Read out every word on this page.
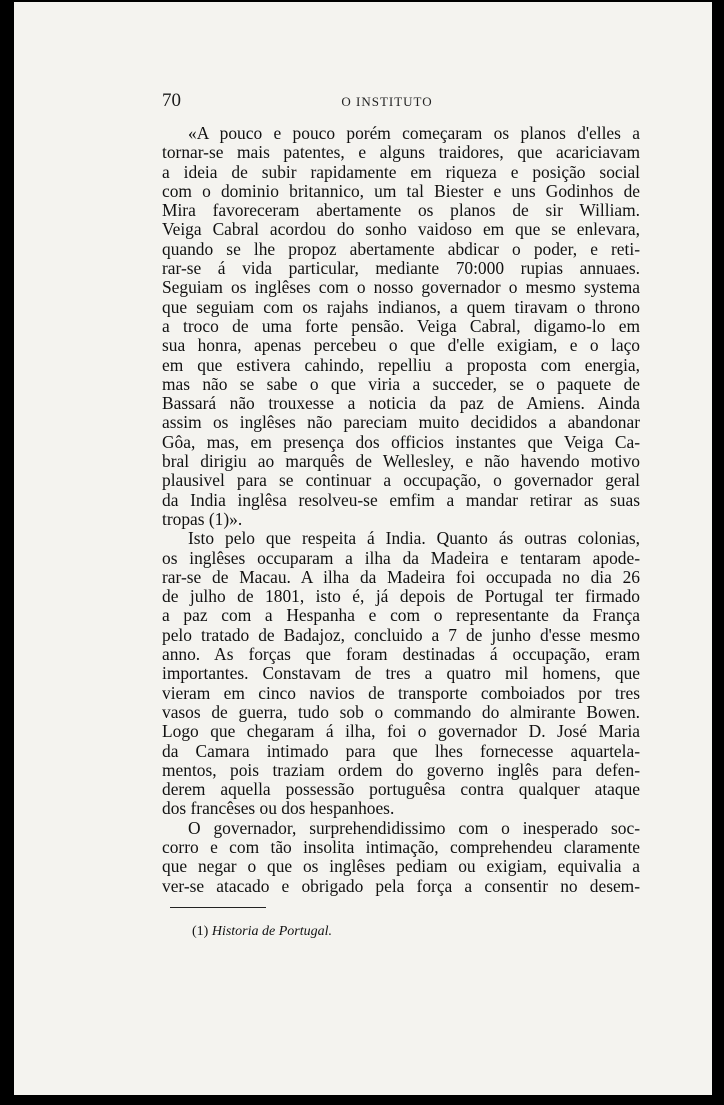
70	O INSTITUTO
«A pouco e pouco porém começaram os planos d'elles a
tornar-se mais patentes, e alguns traidores, que acariciavam
a ideia de subir rapidamente em riqueza e posição social
com o dominio britannico, um tal Biester e uns Godinhos de
Mira favoreceram abertamente os planos de sir William.
Veiga Cabral acordou do sonho vaidoso em que se enlevara,
quando se lhe propoz abertamente abdicar o poder, e reti-
rar-se á vida particular, mediante 70:000 rupias annuaes.
Seguiam os inglêses com o nosso governador o mesmo systema
que seguiam com os rajahs indianos, a quem tiravam o throno
a troco de uma forte pensão. Veiga Cabral, digamo-lo em
sua honra, apenas percebeu o que d'elle exigiam, e o laço
em que estivera cahindo, repelliu a proposta com energia,
mas não se sabe o que viria a succeder, se o paquete de
Bassará não trouxesse a noticia da paz de Amiens. Ainda
assim os inglêses não pareciam muito decididos a abandonar
Gôa, mas, em presença dos officios instantes que Veiga Ca-
bral dirigiu ao marquês de Wellesley, e não havendo motivo
plausivel para se continuar a occupação, o governador geral
da India inglêsa resolveu-se emfim a mandar retirar as suas
tropas (1)».
Isto pelo que respeita á India. Quanto ás outras colonias,
os inglêses occuparam a ilha da Madeira e tentaram apode-
rar-se de Macau. A ilha da Madeira foi occupada no dia 26
de julho de 1801, isto é, já depois de Portugal ter firmado
a paz com a Hespanha e com o representante da França
pelo tratado de Badajoz, concluido a 7 de junho d'esse mesmo
anno. As forças que foram destinadas á occupação, eram
importantes. Constavam de tres a quatro mil homens, que
vieram em cinco navios de transporte comboiados por tres
vasos de guerra, tudo sob o commando do almirante Bowen.
Logo que chegaram á ilha, foi o governador D. José Maria
da Camara intimado para que lhes fornecesse aquartela-
mentos, pois traziam ordem do governo inglês para defen-
derem aquella possessão portuguêsa contra qualquer ataque
dos francêses ou dos hespanhoes.
O governador, surprehendidissimo com o inesperado soc-
corro e com tão insolita intimação, comprehendeu claramente
que negar o que os inglêses pediam ou exigiam, equivalia a
ver-se atacado e obrigado pela força a consentir no desem-
(1) Historia de Portugal.
